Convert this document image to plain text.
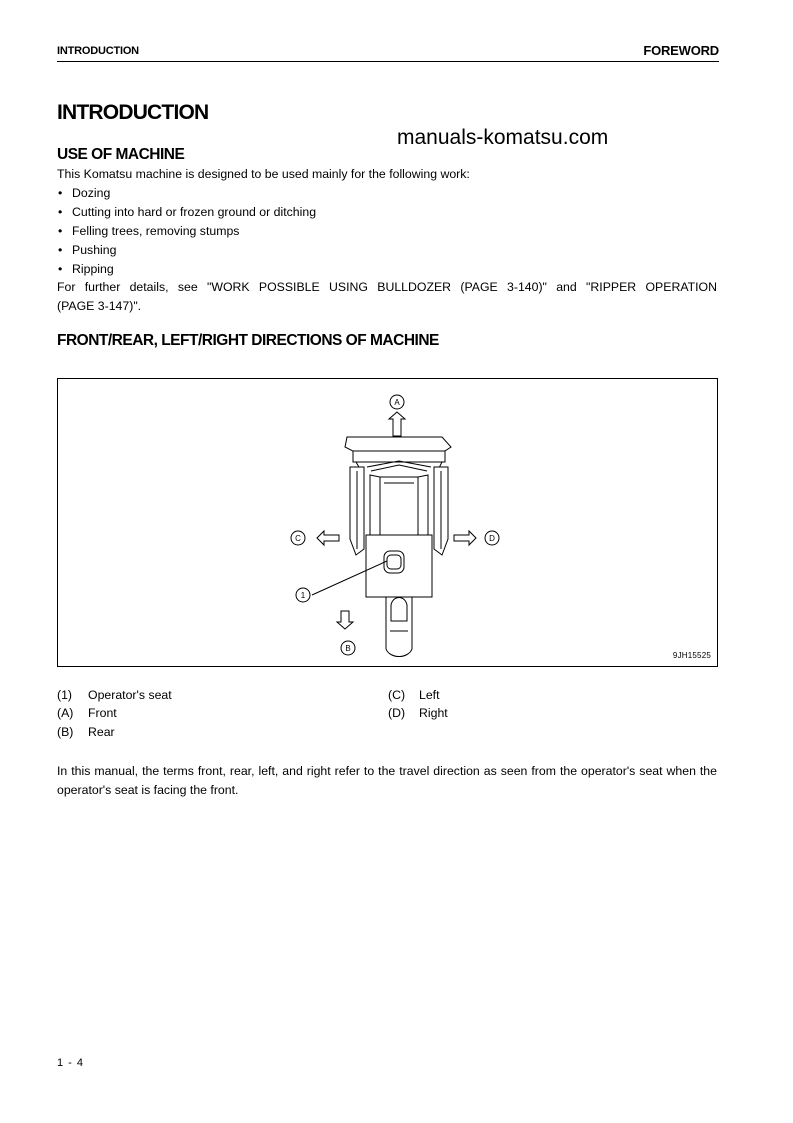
INTRODUCTION	FOREWORD
INTRODUCTION
manuals-komatsu.com
USE OF MACHINE
This Komatsu machine is designed to be used mainly for the following work:
• Dozing
• Cutting into hard or frozen ground or ditching
• Felling trees, removing stumps
• Pushing
• Ripping
For further details, see "WORK POSSIBLE USING BULLDOZER (PAGE 3-140)" and "RIPPER OPERATION
(PAGE 3-147)".
FRONT/REAR, LEFT/RIGHT DIRECTIONS OF MACHINE
A
B
C	D
1
9JH15525
(1) Operator's seat
(A) Front
(B) Rear
(C) Left
(D) Right
In this manual, the terms front, rear, left, and right refer to the travel direction as seen from the operator's seat when the operator's seat is facing the front.
1 - 4
